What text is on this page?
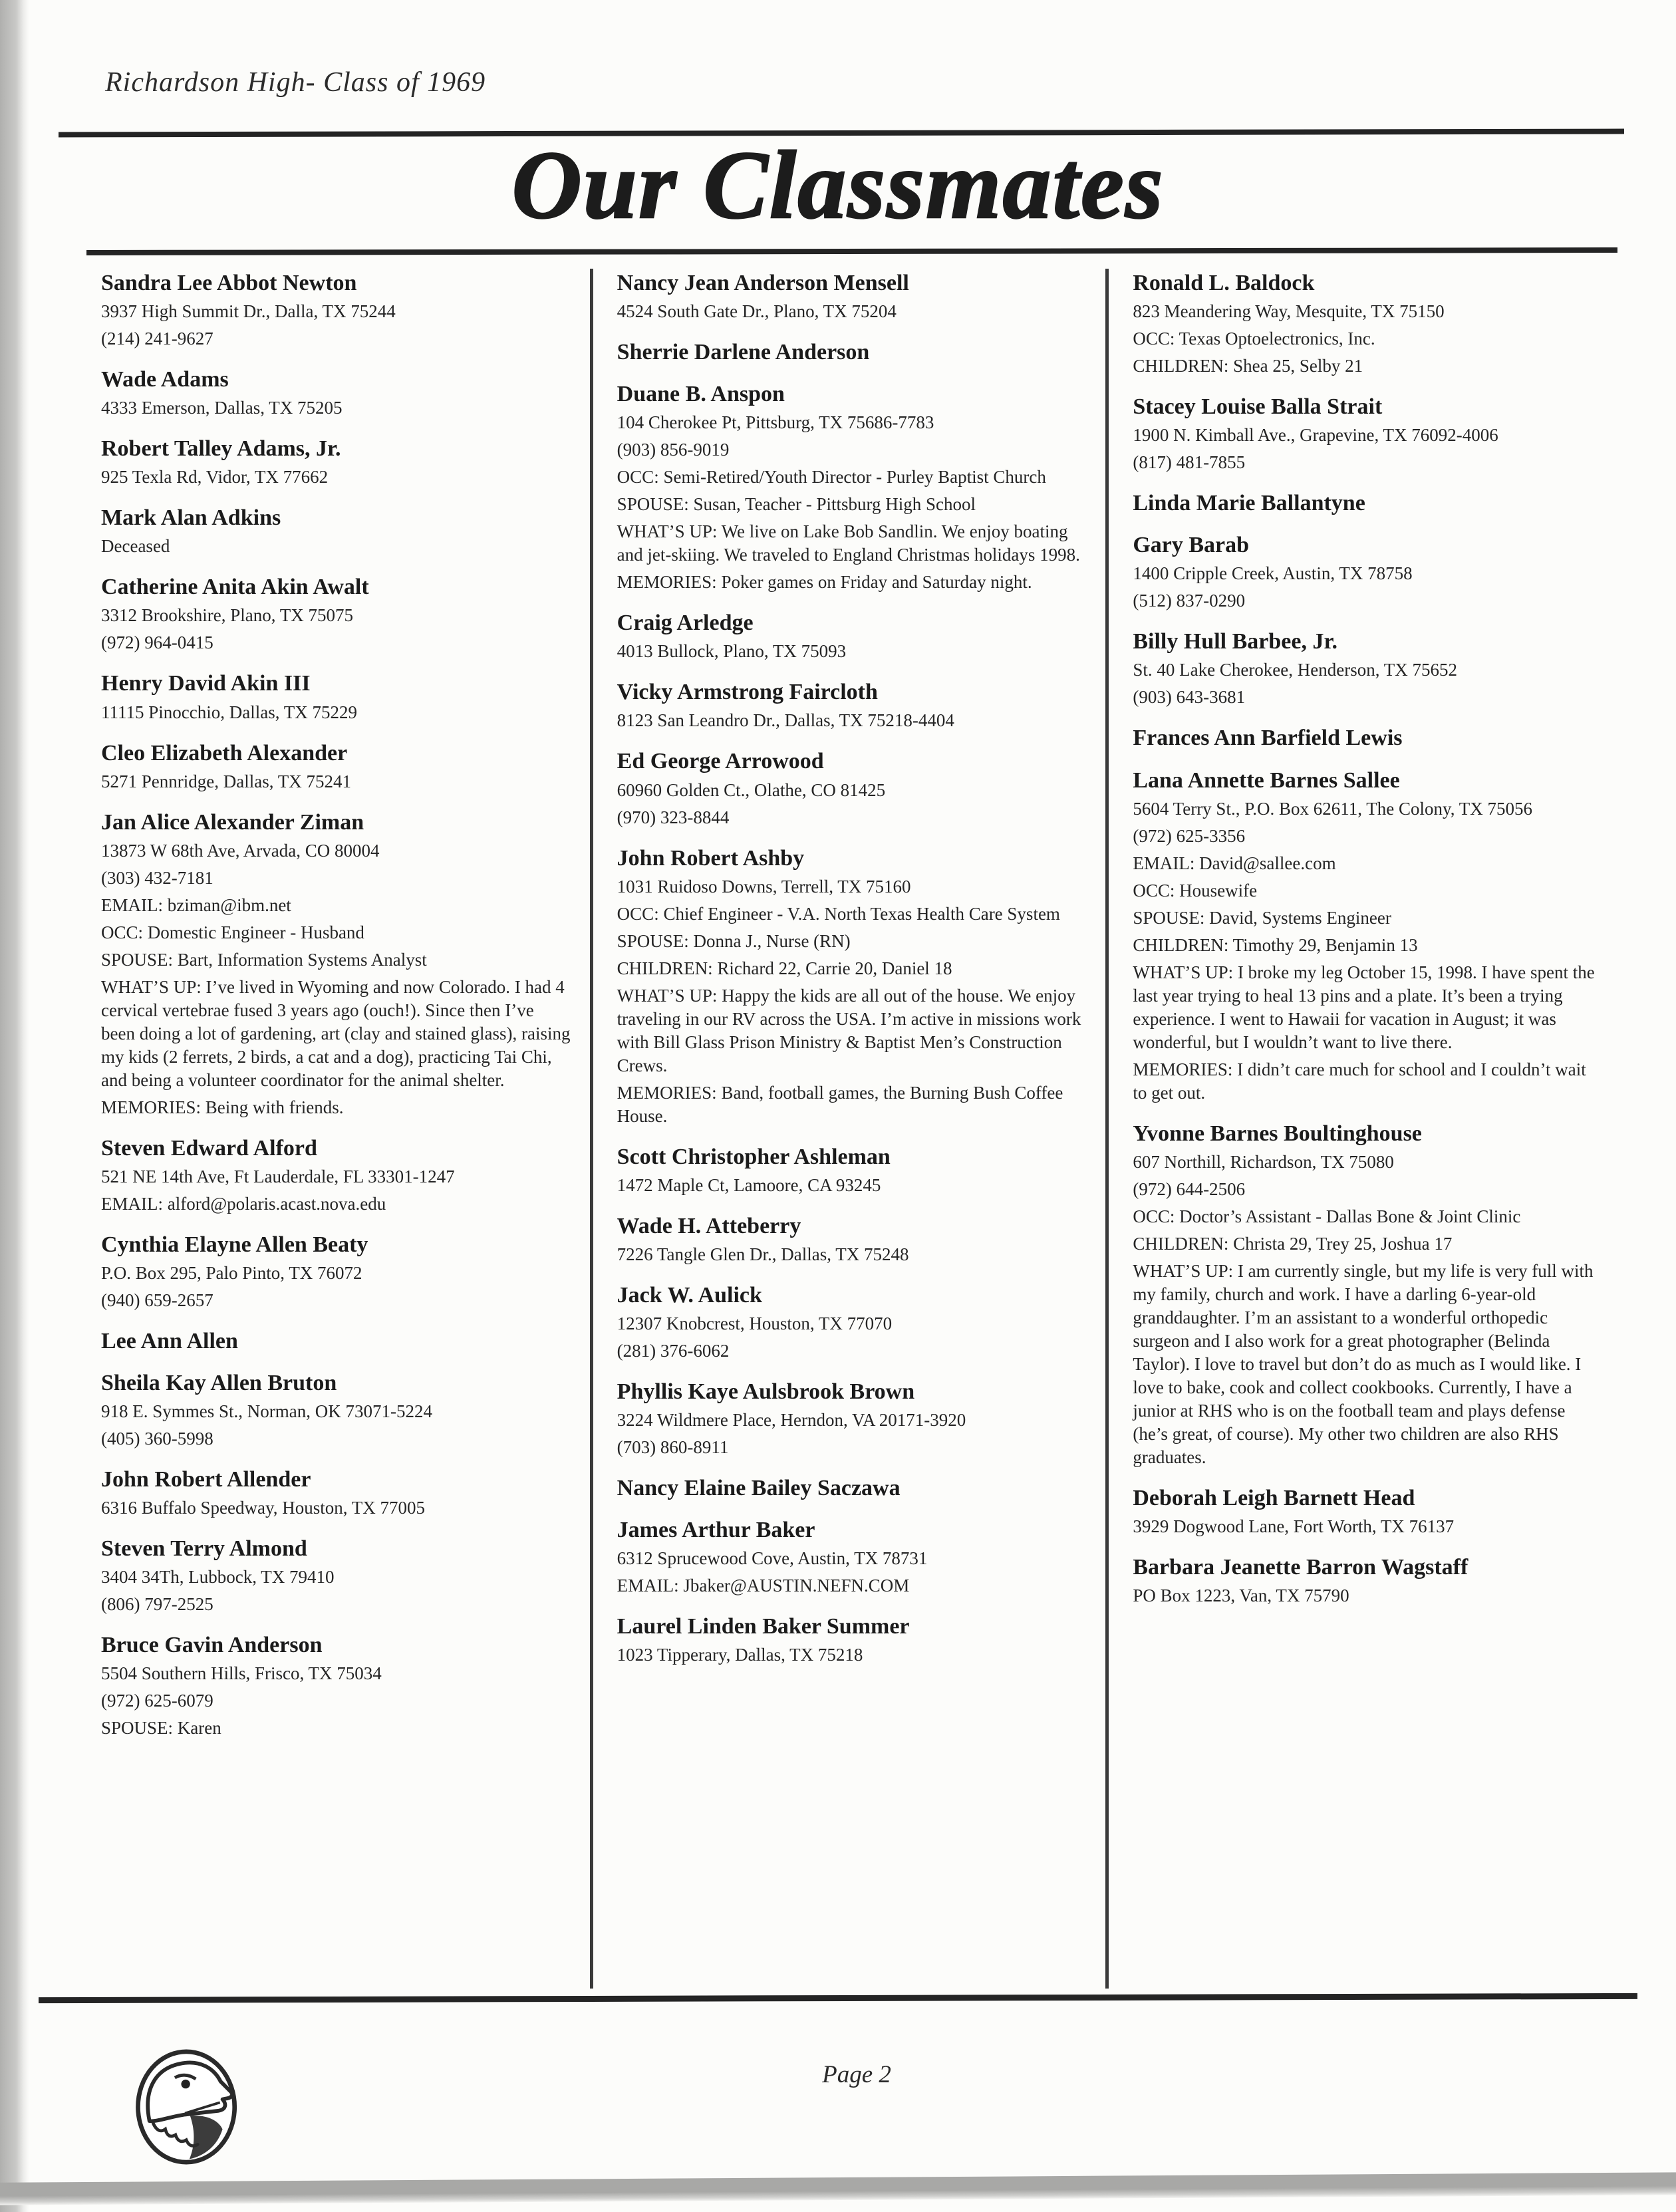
Richardson High- Class of 1969
Our Classmates
Sandra Lee Abbot Newton

3937 High Summit Dr., Dalla, TX 75244

(214) 241-9627

Wade Adams

4333 Emerson, Dallas, TX 75205

Robert Talley Adams, Jr.

925 Texla Rd, Vidor, TX 77662

Mark Alan Adkins

Deceased

Catherine Anita Akin Awalt

3312 Brookshire, Plano, TX 75075

(972) 964-0415

Henry David Akin III

11115 Pinocchio, Dallas, TX 75229

Cleo Elizabeth Alexander

5271 Pennridge, Dallas, TX 75241

Jan Alice Alexander Ziman

13873 W 68th Ave, Arvada, CO 80004

(303) 432-7181

EMAIL: bziman@ibm.net

OCC: Domestic Engineer - Husband

SPOUSE: Bart, Information Systems Analyst

WHAT’S UP: I’ve lived in Wyoming and now Colorado. I had 4 cervical vertebrae fused 3 years ago (ouch!). Since then I’ve been doing a lot of gardening, art (clay and stained glass), raising my kids (2 ferrets, 2 birds, a cat and a dog), practicing Tai Chi, and being a volunteer coordinator for the animal shelter.

MEMORIES: Being with friends.

Steven Edward Alford

521 NE 14th Ave, Ft Lauderdale, FL 33301-1247

EMAIL: alford@polaris.acast.nova.edu

Cynthia Elayne Allen Beaty

P.O. Box 295, Palo Pinto, TX 76072

(940) 659-2657

Lee Ann Allen
Sheila Kay Allen Bruton

918 E. Symmes St., Norman, OK 73071-5224

(405) 360-5998

John Robert Allender

6316 Buffalo Speedway, Houston, TX 77005

Steven Terry Almond

3404 34Th, Lubbock, TX 79410

(806) 797-2525

Bruce Gavin Anderson

5504 Southern Hills, Frisco, TX 75034

(972) 625-6079

SPOUSE: Karen

Nancy Jean Anderson Mensell

4524 South Gate Dr., Plano, TX 75204

Sherrie Darlene Anderson
Duane B. Anspon

104 Cherokee Pt, Pittsburg, TX 75686-7783

(903) 856-9019

OCC: Semi-Retired/Youth Director - Purley Baptist Church

SPOUSE: Susan, Teacher - Pittsburg High School

WHAT’S UP: We live on Lake Bob Sandlin. We enjoy boating and jet-skiing. We traveled to England Christmas holidays 1998.

MEMORIES: Poker games on Friday and Saturday night.

Craig Arledge

4013 Bullock, Plano, TX 75093

Vicky Armstrong Faircloth

8123 San Leandro Dr., Dallas, TX 75218-4404

Ed George Arrowood

60960 Golden Ct., Olathe, CO 81425

(970) 323-8844

John Robert Ashby

1031 Ruidoso Downs, Terrell, TX 75160

OCC: Chief Engineer - V.A. North Texas Health Care System

SPOUSE: Donna J., Nurse (RN)

CHILDREN: Richard 22, Carrie 20, Daniel 18

WHAT’S UP: Happy the kids are all out of the house. We enjoy traveling in our RV across the USA. I’m active in missions work with Bill Glass Prison Ministry & Baptist Men’s Construction Crews.

MEMORIES: Band, football games, the Burning Bush Coffee House.

Scott Christopher Ashleman

1472 Maple Ct, Lamoore, CA 93245

Wade H. Atteberry

7226 Tangle Glen Dr., Dallas, TX 75248

Jack W. Aulick

12307 Knobcrest, Houston, TX 77070

(281) 376-6062

Phyllis Kaye Aulsbrook Brown

3224 Wildmere Place, Herndon, VA 20171-3920

(703) 860-8911

Nancy Elaine Bailey Saczawa
James Arthur Baker

6312 Sprucewood Cove, Austin, TX 78731

EMAIL: Jbaker@AUSTIN.NEFN.COM

Laurel Linden Baker Summer

1023 Tipperary, Dallas, TX 75218

Ronald L. Baldock

823 Meandering Way, Mesquite, TX 75150

OCC: Texas Optoelectronics, Inc.

CHILDREN: Shea 25, Selby 21

Stacey Louise Balla Strait

1900 N. Kimball Ave., Grapevine, TX 76092-4006

(817) 481-7855

Linda Marie Ballantyne
Gary Barab

1400 Cripple Creek, Austin, TX 78758

(512) 837-0290

Billy Hull Barbee, Jr.

St. 40 Lake Cherokee, Henderson, TX 75652

(903) 643-3681

Frances Ann Barfield Lewis
Lana Annette Barnes Sallee

5604 Terry St., P.O. Box 62611, The Colony, TX 75056

(972) 625-3356

EMAIL: David@sallee.com

OCC: Housewife

SPOUSE: David, Systems Engineer

CHILDREN: Timothy 29, Benjamin 13

WHAT’S UP: I broke my leg October 15, 1998. I have spent the last year trying to heal 13 pins and a plate. It’s been a trying experience. I went to Hawaii for vacation in August; it was wonderful, but I wouldn’t want to live there.

MEMORIES: I didn’t care much for school and I couldn’t wait to get out.

Yvonne Barnes Boultinghouse

607 Northill, Richardson, TX 75080

(972) 644-2506

OCC: Doctor’s Assistant - Dallas Bone & Joint Clinic

CHILDREN: Christa 29, Trey 25, Joshua 17

WHAT’S UP: I am currently single, but my life is very full with my family, church and work. I have a darling 6-year-old granddaughter. I’m an assistant to a wonderful orthopedic surgeon and I also work for a great photographer (Belinda Taylor). I love to travel but don’t do as much as I would like. I love to bake, cook and collect cookbooks. Currently, I have a junior at RHS who is on the football team and plays defense (he’s great, of course). My other two children are also RHS graduates.

Deborah Leigh Barnett Head

3929 Dogwood Lane, Fort Worth, TX 76137

Barbara Jeanette Barron Wagstaff

PO Box 1223, Van, TX 75790

Page 2
